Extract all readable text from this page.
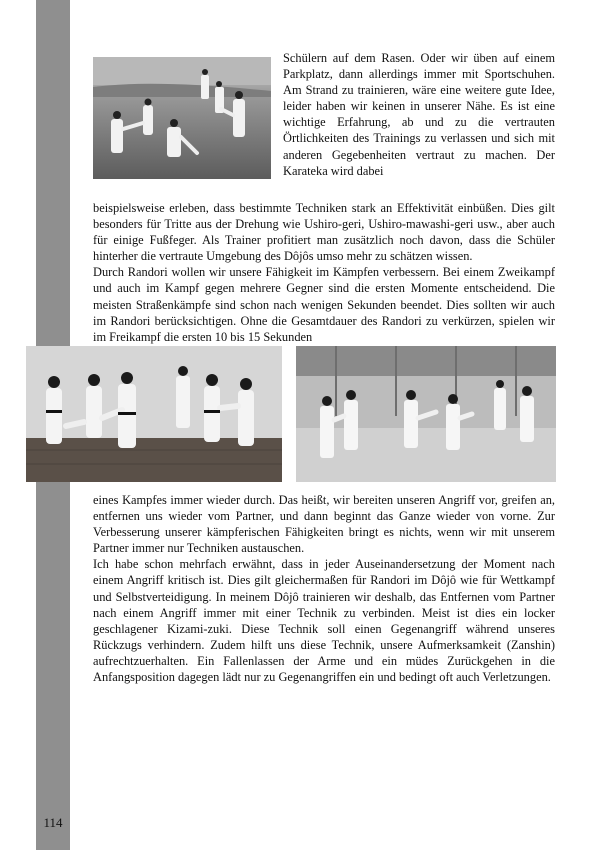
Schülern auf dem Rasen. Oder wir üben auf einem Parkplatz, dann allerdings immer mit Sportschuhen. Am Strand zu trainieren, wäre eine weitere gute Idee, leider haben wir keinen in unserer Nähe. Es ist eine wichtige Erfahrung, ab und zu die vertrauten Örtlichkeiten des Trainings zu verlassen und sich mit anderen Gegebenheiten vertraut zu machen. Der Karateka wird dabei

beispielsweise erleben, dass bestimmte Techniken stark an Effektivität einbüßen. Dies gilt besonders für Tritte aus der Drehung wie Ushiro-geri, Ushiro-mawashi-geri usw., aber auch für einige Fußfeger. Als Trainer profitiert man zusätzlich noch davon, dass die Schüler hinterher die vertraute Umgebung des Dôjôs umso mehr zu schätzen wissen.

Durch Randori wollen wir unsere Fähigkeit im Kämpfen verbessern. Bei einem Zweikampf und auch im Kampf gegen mehrere Gegner sind die ersten Momente entscheidend. Die meisten Straßenkämpfe sind schon nach wenigen Sekunden beendet. Dies sollten wir auch im Randori berücksichtigen. Ohne die Gesamtdauer des Randori zu verkürzen, spielen wir im Freikampf die ersten 10 bis 15 Sekunden

eines Kampfes immer wieder durch. Das heißt, wir bereiten unseren Angriff vor, greifen an, entfernen uns wieder vom Partner, und dann beginnt das Ganze wieder von vorne. Zur Verbesserung unserer kämpferischen Fähigkeiten bringt es nichts, wenn wir mit unserem Partner immer nur Techniken austauschen.

Ich habe schon mehrfach erwähnt, dass in jeder Auseinandersetzung der Moment nach einem Angriff kritisch ist. Dies gilt gleichermaßen für Randori im Dôjô wie für Wettkampf und Selbstverteidigung. In meinem Dôjô trainieren wir deshalb, das Entfernen vom Partner nach einem Angriff immer mit einer Technik zu verbinden. Meist ist dies ein locker geschlagener Kizami-zuki. Diese Technik soll einen Gegenangriff während unseres Rückzugs verhindern. Zudem hilft uns diese Technik, unsere Aufmerksamkeit (Zanshin) aufrechtzuerhalten. Ein Fallenlassen der Arme und ein müdes Zurückgehen in die Anfangsposition dagegen lädt nur zu Gegenangriffen ein und bedingt oft auch Verletzungen.

114
